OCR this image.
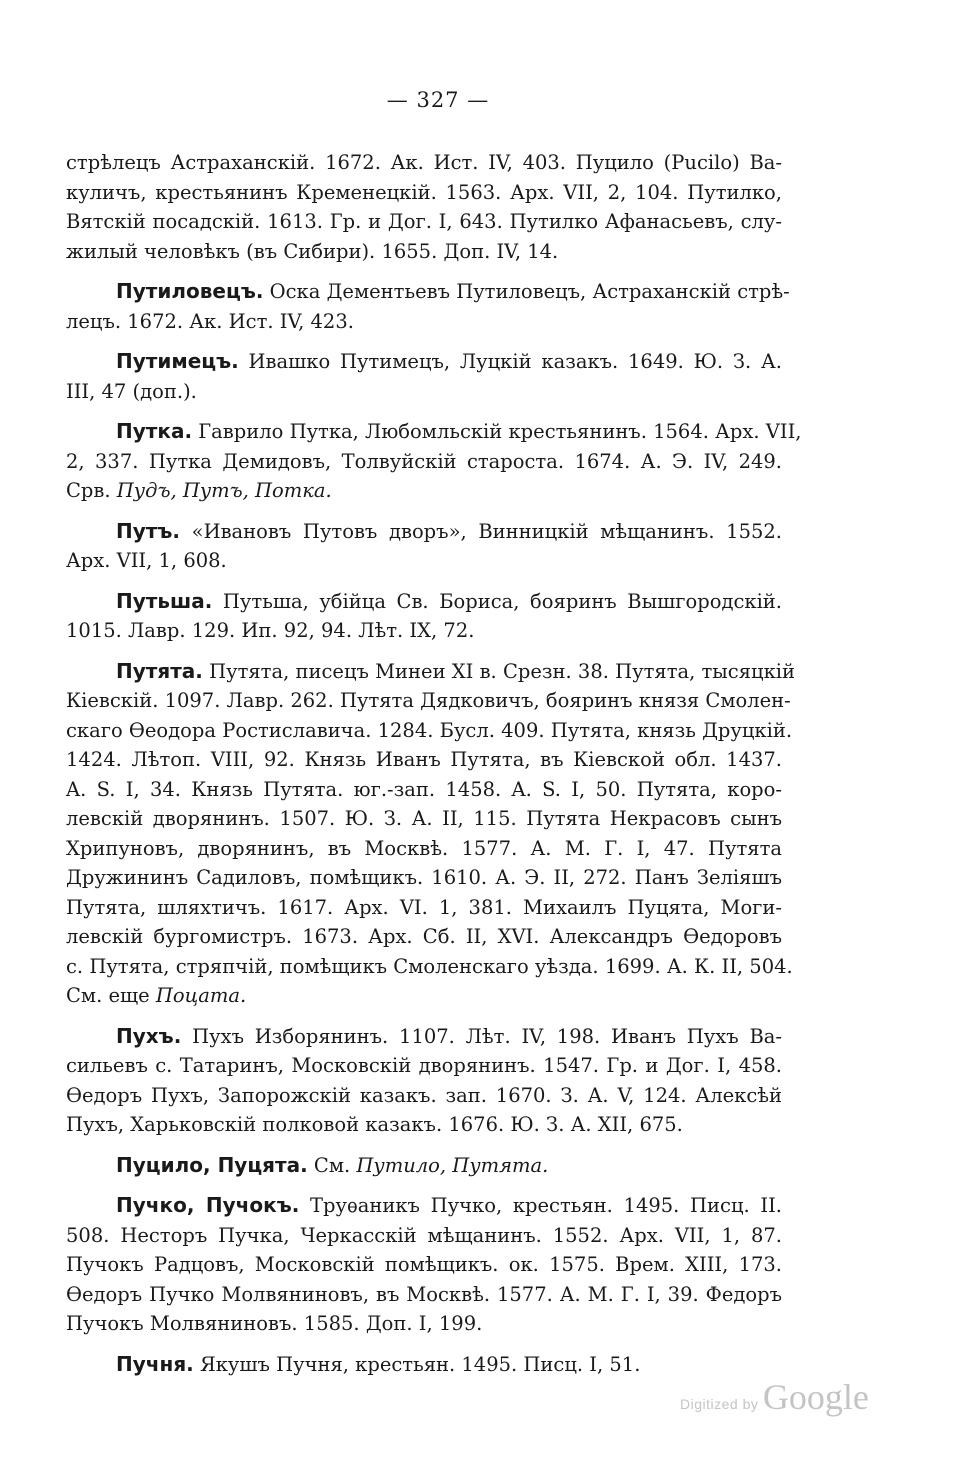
— 327 —
стрѣлецъ Астраханскій. 1672. Ак. Ист. IV, 403. Пуцило (Pucilo) Ва-
куличъ, крестьянинъ Кременецкій. 1563. Арх. VII, 2, 104. Путилко,
Вятскій посадскій. 1613. Гр. и Дог. I, 643. Путилко Афанасьевъ, слу-
жилый человѣкъ (въ Сибири). 1655. Доп. IV, 14.
Путиловецъ. Оска Дементьевъ Путиловецъ, Астраханскій стрѣ-
лецъ. 1672. Ак. Ист. IV, 423.
Путимецъ. Ивашко Путимецъ, Луцкій казакъ. 1649. Ю. З. А.
III, 47 (доп.).
Путка. Гаврило Путка, Любомльскій крестьянинъ. 1564. Арх. VII,
2, 337. Путка Демидовъ, Толвуйскій староста. 1674. А. Э. IV, 249.
Срв. Пудъ, Путъ, Потка.
Путъ. «Ивановъ Путовъ дворъ», Винницкій мѣщанинъ. 1552.
Арх. VII, 1, 608.
Путьша. Путьша, убійца Св. Бориса, бояринъ Вышгородскій.
1015. Лавр. 129. Ип. 92, 94. Лѣт. IX, 72.
Путята. Путята, писецъ Минеи XI в. Срезн. 38. Путята, тысяцкій
Кіевскій. 1097. Лавр. 262. Путята Дядковичъ, бояринъ князя Смолен-
скаго Ѳеодора Ростиславича. 1284. Бусл. 409. Путята, князь Друцкій.
1424. Лѣтоп. VIII, 92. Князь Иванъ Путята, въ Кіевской обл. 1437.
A. S. I, 34. Князь Путята. юг.-зап. 1458. A. S. I, 50. Путята, коро-
левскій дворянинъ. 1507. Ю. З. А. II, 115. Путята Некрасовъ сынъ
Хрипуновъ, дворянинъ, въ Москвѣ. 1577. А. М. Г. I, 47. Путята
Дружининъ Садиловъ, помѣщикъ. 1610. А. Э. II, 272. Панъ Зеліяшъ
Путята, шляхтичъ. 1617. Арх. VI. 1, 381. Михаилъ Пуцята, Моги-
левскій бургомистръ. 1673. Арх. Сб. II, XVI. Александръ Ѳедоровъ
с. Путята, стряпчій, помѣщикъ Смоленскаго уѣзда. 1699. А. К. II, 504.
См. еще Поцата.
Пухъ. Пухъ Изборянинъ. 1107. Лѣт. IV, 198. Иванъ Пухъ Ва-
сильевъ с. Татаринъ, Московскій дворянинъ. 1547. Гр. и Дог. I, 458.
Ѳедоръ Пухъ, Запорожскій казакъ. зап. 1670. З. А. V, 124. Алексѣй
Пухъ, Харьковскій полковой казакъ. 1676. Ю. З. А. XII, 675.
Пуцило, Пуцята. См. Путило, Путята.
Пучко, Пучокъ. Труѳаникъ Пучко, крестьян. 1495. Писц. II.
508. Несторъ Пучка, Черкасскій мѣщанинъ. 1552. Арх. VII, 1, 87.
Пучокъ Радцовъ, Московскій помѣщикъ. ок. 1575. Врем. XIII, 173.
Ѳедоръ Пучко Молвяниновъ, въ Москвѣ. 1577. А. М. Г. I, 39. Федоръ
Пучокъ Молвяниновъ. 1585. Доп. I, 199.
Пучня. Якушъ Пучня, крестьян. 1495. Писц. I, 51.
Digitized by Google
